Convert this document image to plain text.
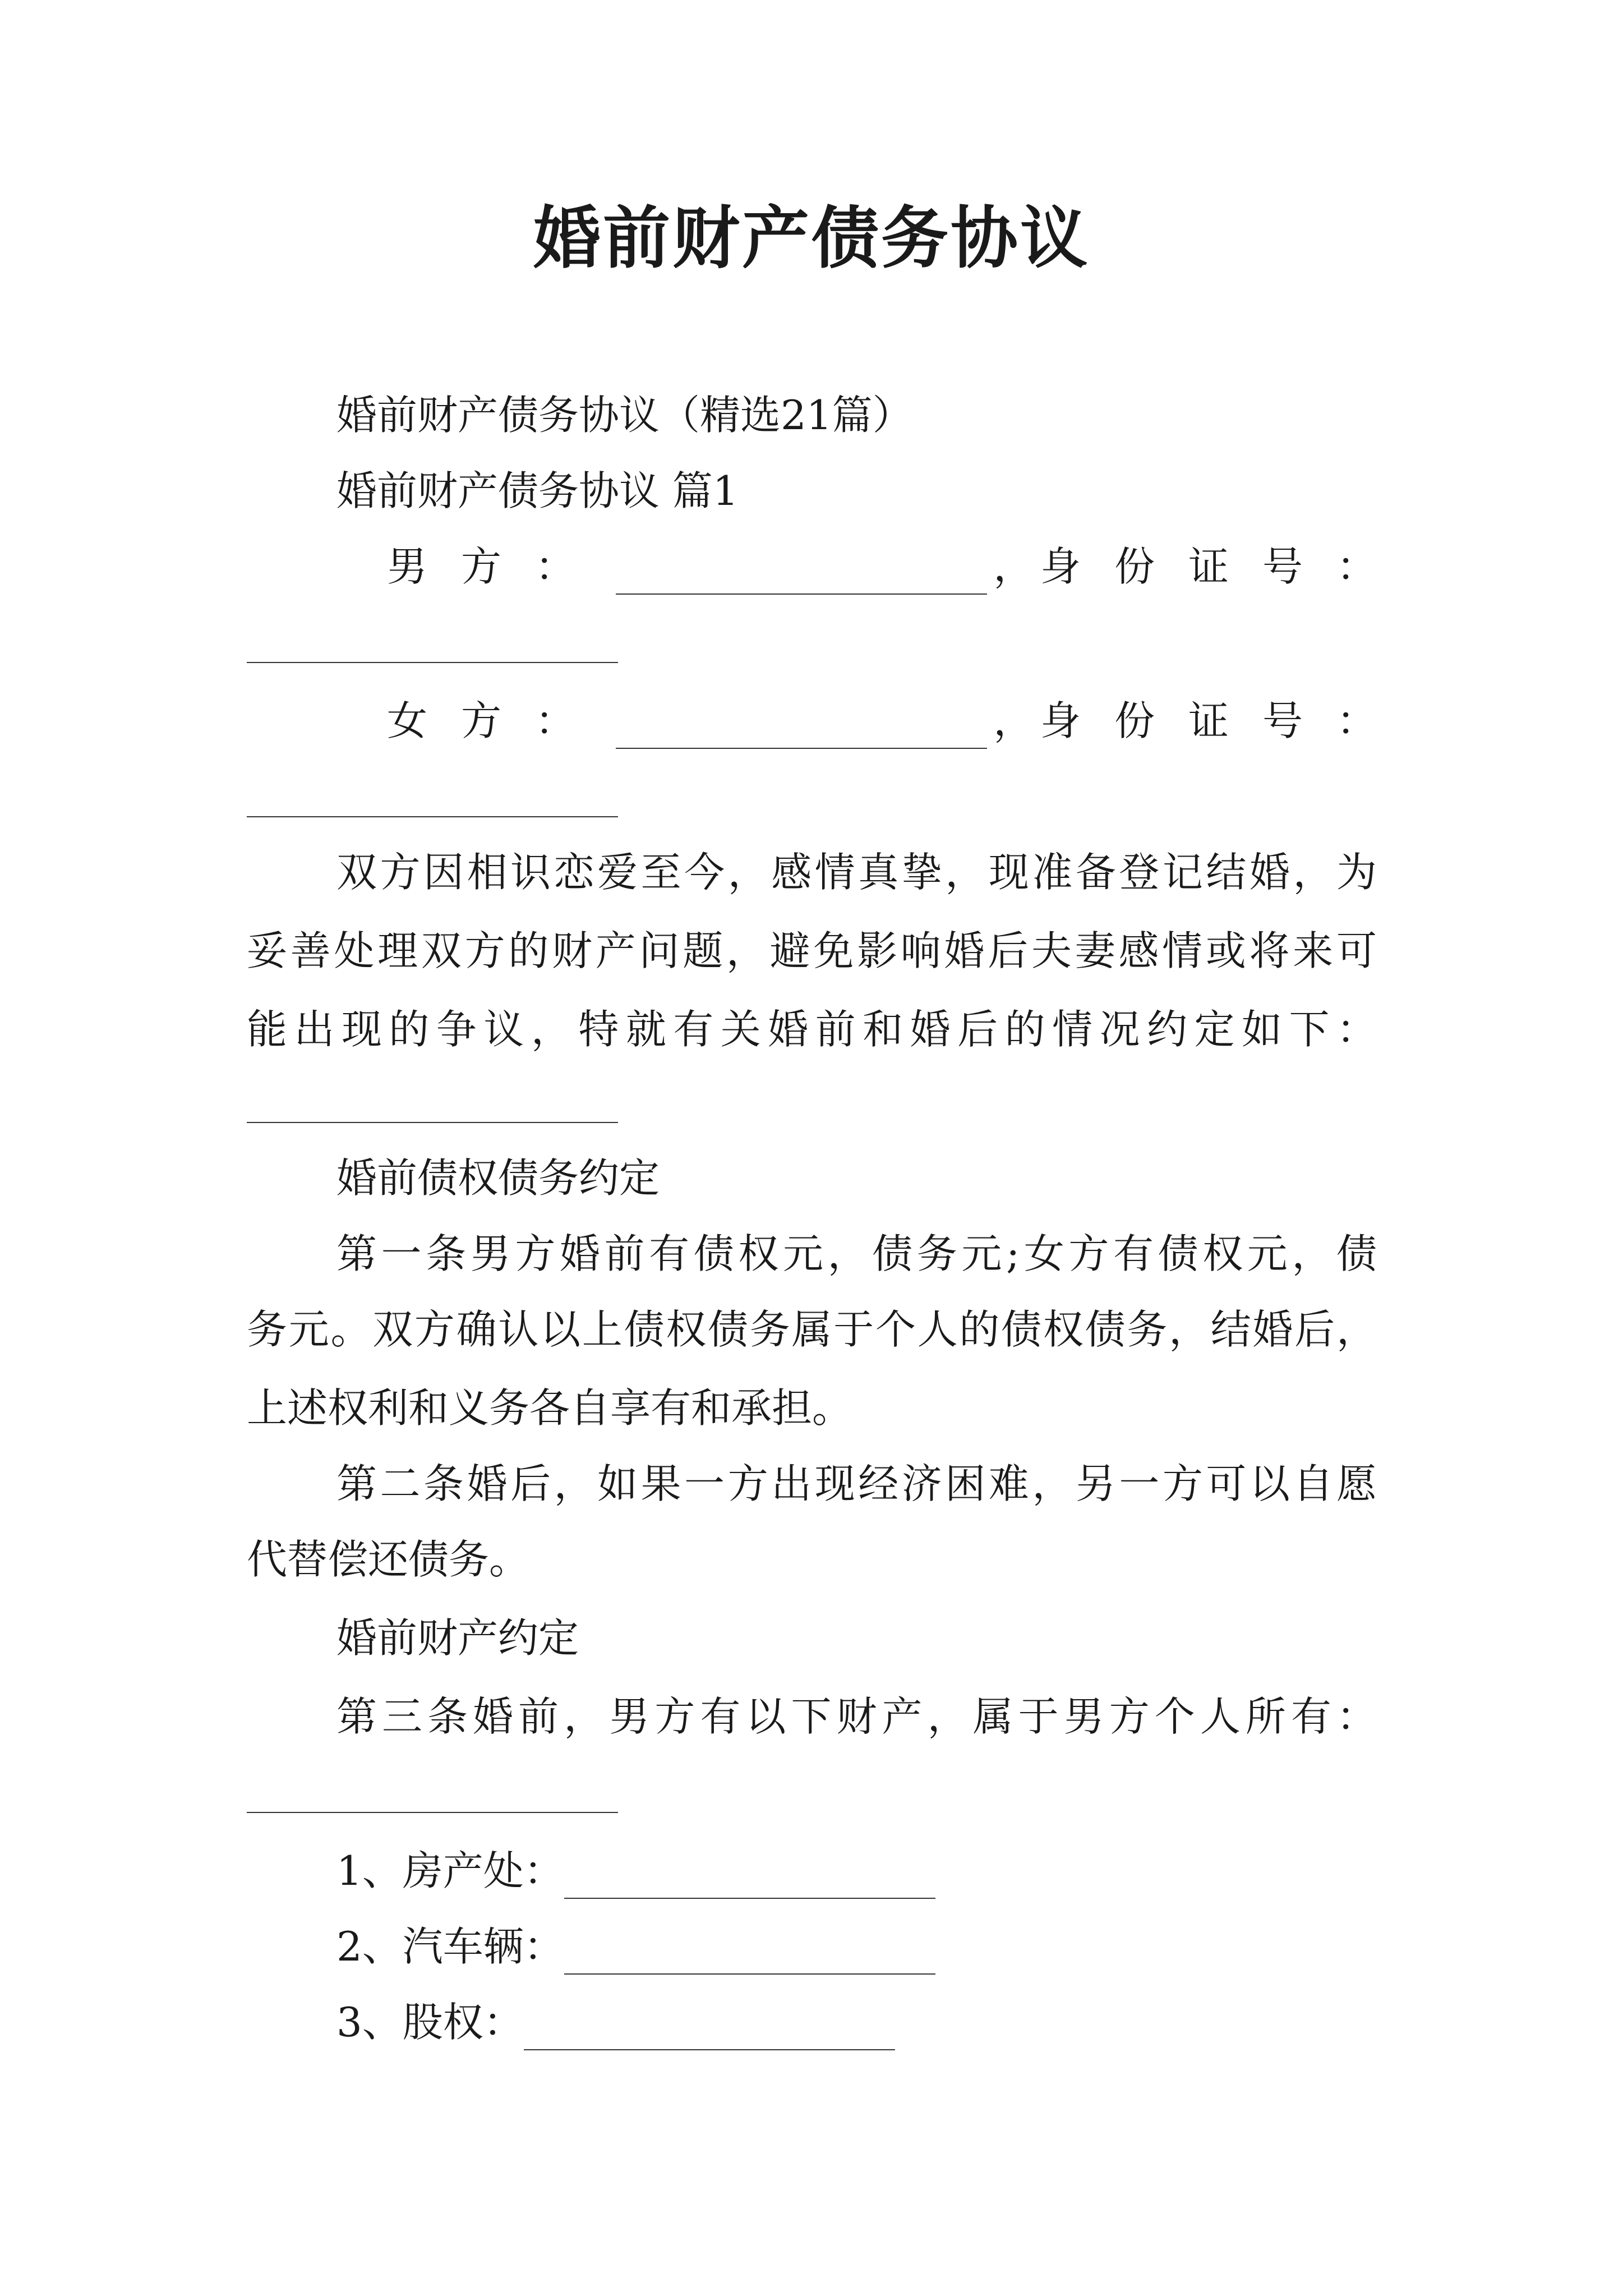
婚前财产债务协议
婚前财产债务协议（精选21篇）
婚前财产债务协议 篇1
男方：	， 身份证号：
女方：	， 身份证号：
双方因相识恋爱至今，感情真挚，现准备登记结婚，为
妥善处理双方的财产问题，避免影响婚后夫妻感情或将来可
能出现的争议，特就有关婚前和婚后的情况约定如下：
婚前债权债务约定
第一条男方婚前有债权元，债务元;女方有债权元，债
务元。双方确认以上债权债务属于个人的债权债务，结婚后，
上述权利和义务各自享有和承担。
第二条婚后，如果一方出现经济困难，另一方可以自愿
代替偿还债务。
婚前财产约定
第三条婚前，男方有以下财产，属于男方个人所有：
1、房产处：
2、汽车辆：
3、股权：
